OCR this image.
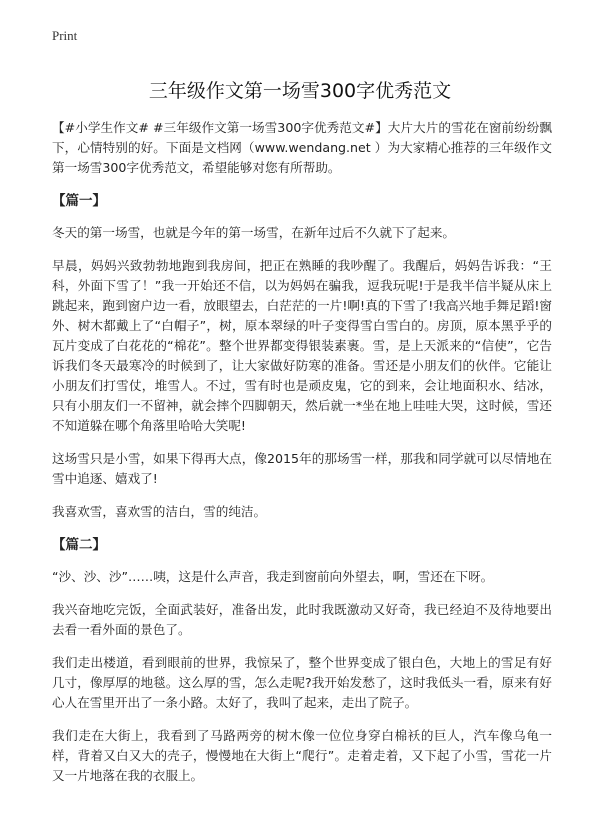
Print
三年级作文第一场雪300字优秀范文

【#小学生作文# #三年级作文第一场雪300字优秀范文#】大片大片的雪花在窗前纷纷飘下，心情特别的好。下面是文档网（www.wendang.net ）为大家精心推荐的三年级作文第一场雪300字优秀范文，希望能够对您有所帮助。

【篇一】

冬天的第一场雪，也就是今年的第一场雪，在新年过后不久就下了起来。

早晨，妈妈兴致勃勃地跑到我房间，把正在熟睡的我吵醒了。我醒后，妈妈告诉我：“王科，外面下雪了！”我一开始还不信，以为妈妈在骗我，逗我玩呢!于是我半信半疑从床上跳起来，跑到窗户边一看，放眼望去，白茫茫的一片!啊!真的下雪了!我高兴地手舞足蹈!窗外、树木都戴上了“白帽子”，树，原本翠绿的叶子变得雪白雪白的。房顶，原本黑乎乎的瓦片变成了白花花的“棉花”。整个世界都变得银装素裹。雪，是上天派来的“信使”，它告诉我们冬天最寒冷的时候到了，让大家做好防寒的准备。雪还是小朋友们的伙伴。它能让小朋友们打雪仗，堆雪人。不过，雪有时也是顽皮鬼，它的到来，会让地面积水、结冰，只有小朋友们一不留神，就会摔个四脚朝天，然后就一*坐在地上哇哇大哭，这时候，雪还不知道躲在哪个角落里哈哈大笑呢!

这场雪只是小雪，如果下得再大点，像2015年的那场雪一样，那我和同学就可以尽情地在雪中追逐、嬉戏了!

我喜欢雪，喜欢雪的洁白，雪的纯洁。

【篇二】

“沙、沙、沙”……咦，这是什么声音，我走到窗前向外望去，啊，雪还在下呀。

我兴奋地吃完饭，全面武装好，准备出发，此时我既激动又好奇，我已经迫不及待地要出去看一看外面的景色了。

我们走出楼道，看到眼前的世界，我惊呆了，整个世界变成了银白色，大地上的雪足有好几寸，像厚厚的地毯。这么厚的雪，怎么走呢?我开始发愁了，这时我低头一看，原来有好心人在雪里开出了一条小路。太好了，我叫了起来，走出了院子。

我们走在大街上，我看到了马路两旁的树木像一位位身穿白棉袄的巨人，汽车像乌龟一样，背着又白又大的壳子，慢慢地在大街上“爬行”。走着走着，又下起了小雪，雪花一片又一片地落在我的衣服上。
